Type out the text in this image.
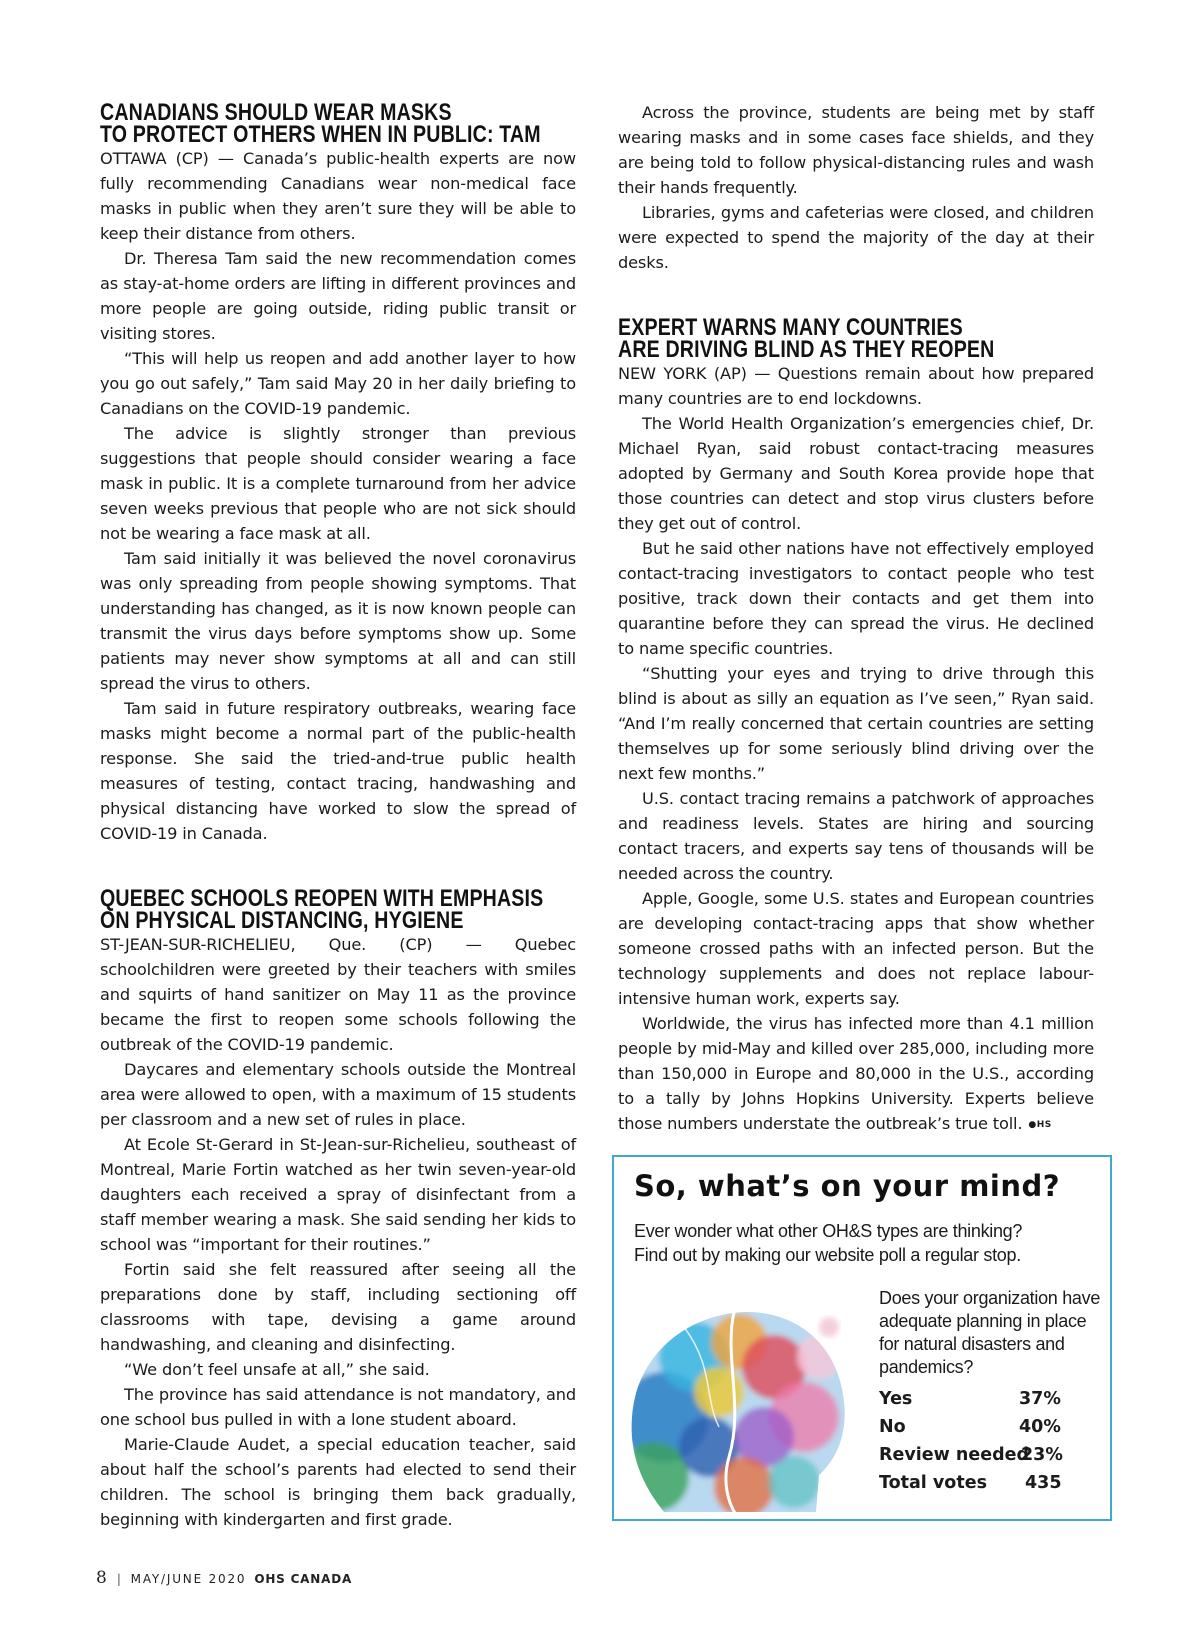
CANADIANS SHOULD WEAR MASKS
TO PROTECT OTHERS WHEN IN PUBLIC: TAM

OTTAWA (CP) — Canada’s public-health experts are now fully recommending Canadians wear non-medical face masks in public when they aren’t sure they will be able to keep their distance from others.

Dr. Theresa Tam said the new recommendation comes as stay-at-home orders are lifting in different provinces and more people are going outside, riding public transit or visiting stores.

“This will help us reopen and add another layer to how you go out safely,” Tam said May 20 in her daily briefing to Canadians on the COVID-19 pandemic.

The advice is slightly stronger than previous suggestions that people should consider wearing a face mask in public. It is a complete turnaround from her advice seven weeks previous that people who are not sick should not be wearing a face mask at all.

Tam said initially it was believed the novel coronavirus was only spreading from people showing symptoms. That understanding has changed, as it is now known people can transmit the virus days before symptoms show up. Some patients may never show symptoms at all and can still spread the virus to others.

Tam said in future respiratory outbreaks, wearing face masks might become a normal part of the public-health response. She said the tried-and-true public health measures of testing, contact tracing, handwashing and physical distancing have worked to slow the spread of COVID-19 in Canada.

QUEBEC SCHOOLS REOPEN WITH EMPHASIS
ON PHYSICAL DISTANCING, HYGIENE

ST-JEAN-SUR-RICHELIEU, Que. (CP) — Quebec schoolchildren were greeted by their teachers with smiles and squirts of hand sanitizer on May 11 as the province became the first to reopen some schools following the outbreak of the COVID-19 pandemic.

Daycares and elementary schools outside the Montreal area were allowed to open, with a maximum of 15 students per classroom and a new set of rules in place.

At Ecole St-Gerard in St-Jean-sur-Richelieu, southeast of Montreal, Marie Fortin watched as her twin seven-year-old daughters each received a spray of disinfectant from a staff member wearing a mask. She said sending her kids to school was “important for their routines.”

Fortin said she felt reassured after seeing all the preparations done by staff, including sectioning off classrooms with tape, devising a game around handwashing, and cleaning and disinfecting.

“We don’t feel unsafe at all,” she said.

The province has said attendance is not mandatory, and one school bus pulled in with a lone student aboard.

Marie-Claude Audet, a special education teacher, said about half the school’s parents had elected to send their children. The school is bringing them back gradually, beginning with kindergarten and first grade.

Across the province, students are being met by staff wearing masks and in some cases face shields, and they are being told to follow physical-distancing rules and wash their hands frequently.

Libraries, gyms and cafeterias were closed, and children were expected to spend the majority of the day at their desks.

EXPERT WARNS MANY COUNTRIES
ARE DRIVING BLIND AS THEY REOPEN

NEW YORK (AP) — Questions remain about how prepared many countries are to end lockdowns.

The World Health Organization’s emergencies chief, Dr. Michael Ryan, said robust contact-tracing measures adopted by Germany and South Korea provide hope that those countries can detect and stop virus clusters before they get out of control.

But he said other nations have not effectively employed contact-tracing investigators to contact people who test positive, track down their contacts and get them into quarantine before they can spread the virus. He declined to name specific countries.

“Shutting your eyes and trying to drive through this blind is about as silly an equation as I’ve seen,” Ryan said. “And I’m really concerned that certain countries are setting themselves up for some seriously blind driving over the next few months.”

U.S. contact tracing remains a patchwork of approaches and readiness levels. States are hiring and sourcing contact tracers, and experts say tens of thousands will be needed across the country.

Apple, Google, some U.S. states and European countries are developing contact-tracing apps that show whether someone crossed paths with an infected person. But the technology supplements and does not replace labour-intensive human work, experts say.

Worldwide, the virus has infected more than 4.1 million people by mid-May and killed over 285,000, including more than 150,000 in Europe and 80,000 in the U.S., according to a tally by Johns Hopkins University. Experts believe those numbers understate the outbreak’s true toll. ●HS

So, what’s on your mind?
Ever wonder what other OH&S types are thinking?
Find out by making our website poll a regular stop.
Does your organization have adequate planning in place for natural disasters and pandemics?
Yes	37%
No	40%
Review needed
23%
Total votes 435
8 | MAY/JUNE 2020 OHS CANADA
